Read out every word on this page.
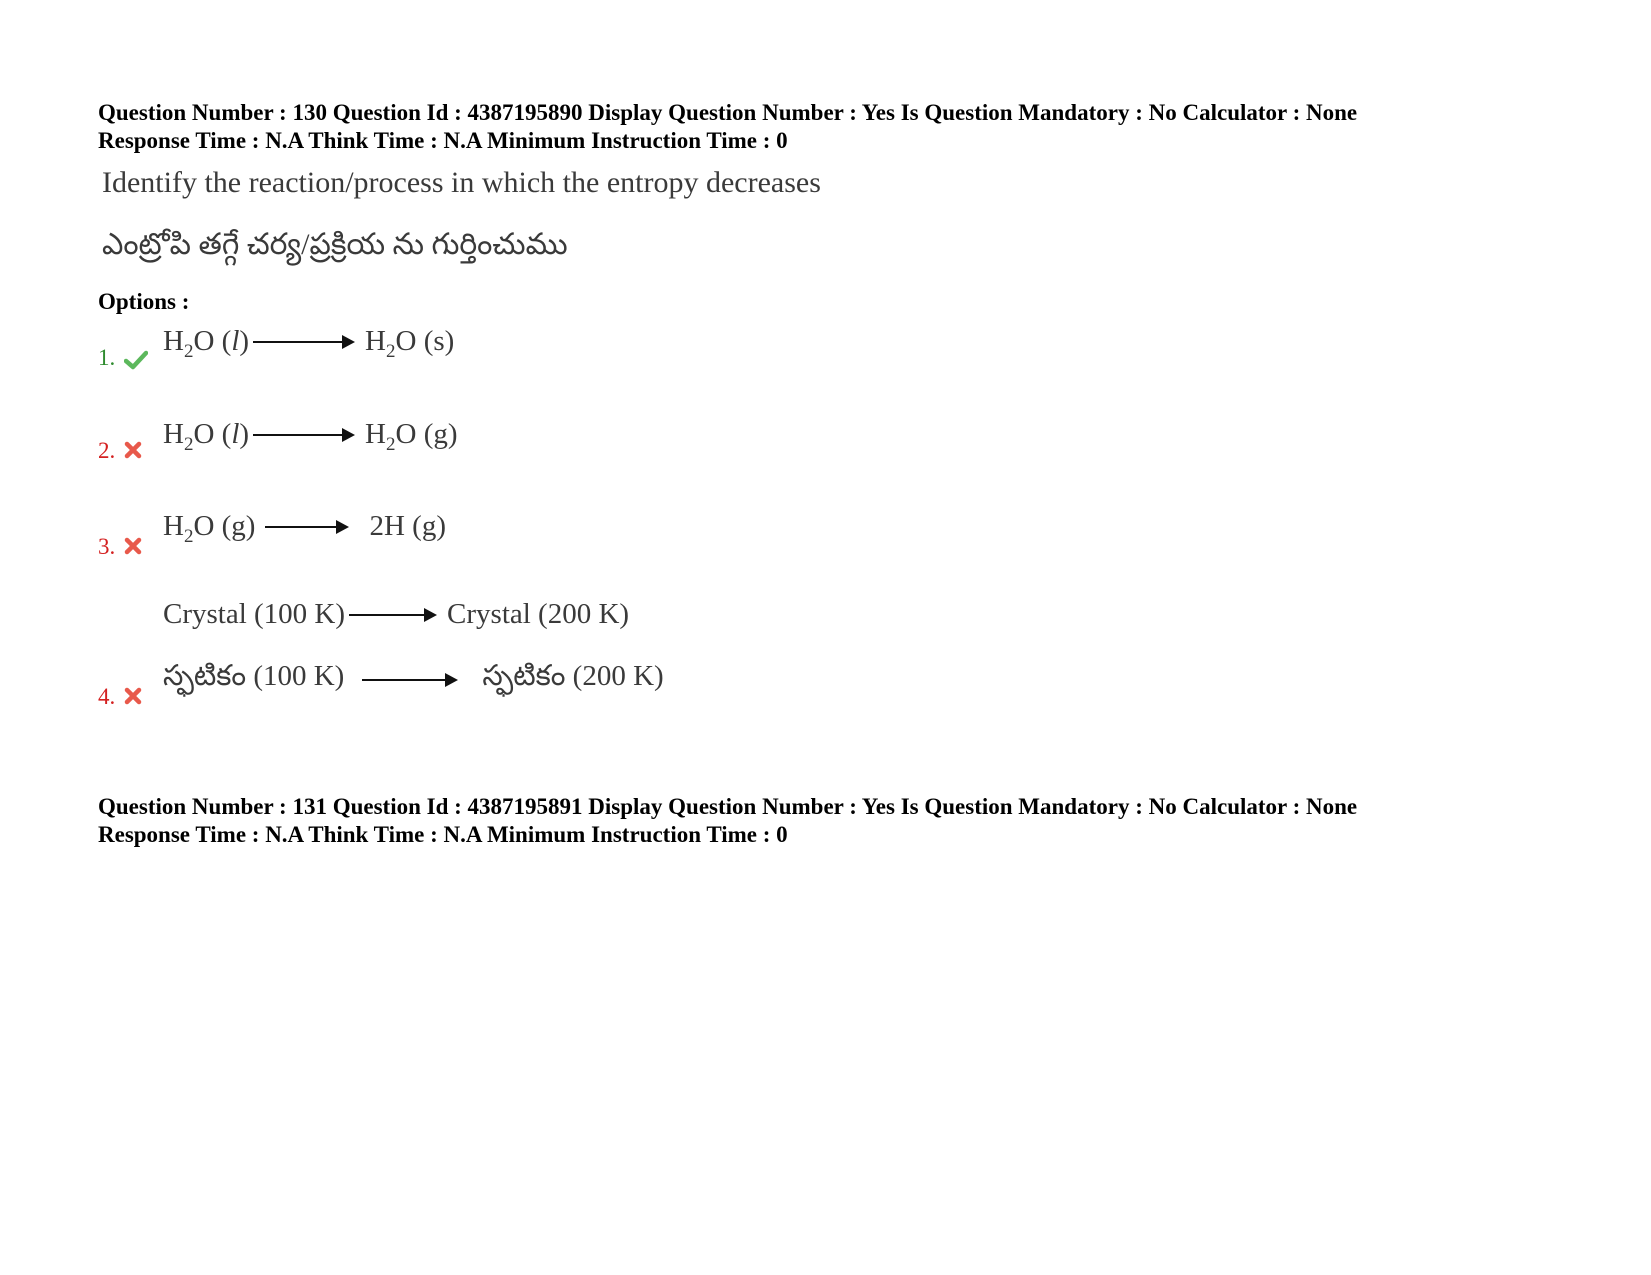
Question Number : 130 Question Id : 4387195890 Display Question Number : Yes Is Question Mandatory : No Calculator : None
Response Time : N.A Think Time : N.A Minimum Instruction Time : 0
Identify the reaction/process in which the entropy decreases
ఎంట్రోపి తగ్గే చర్య/ప్రక్రియ ను గుర్తించుము
Options :
1.
$H_2O$ (l)	$H_2O$ (s)
2.
$H_2O$ (l)	$H_2O$ (g)
3.
$H_2O$ (g)	2H (g)
Crystal (100 K)	Crystal (200 K)
4.
స్ఫటికం (100 K)	స్ఫటికం (200 K)
Question Number : 131 Question Id : 4387195891 Display Question Number : Yes Is Question Mandatory : No Calculator : None
Response Time : N.A Think Time : N.A Minimum Instruction Time : 0
